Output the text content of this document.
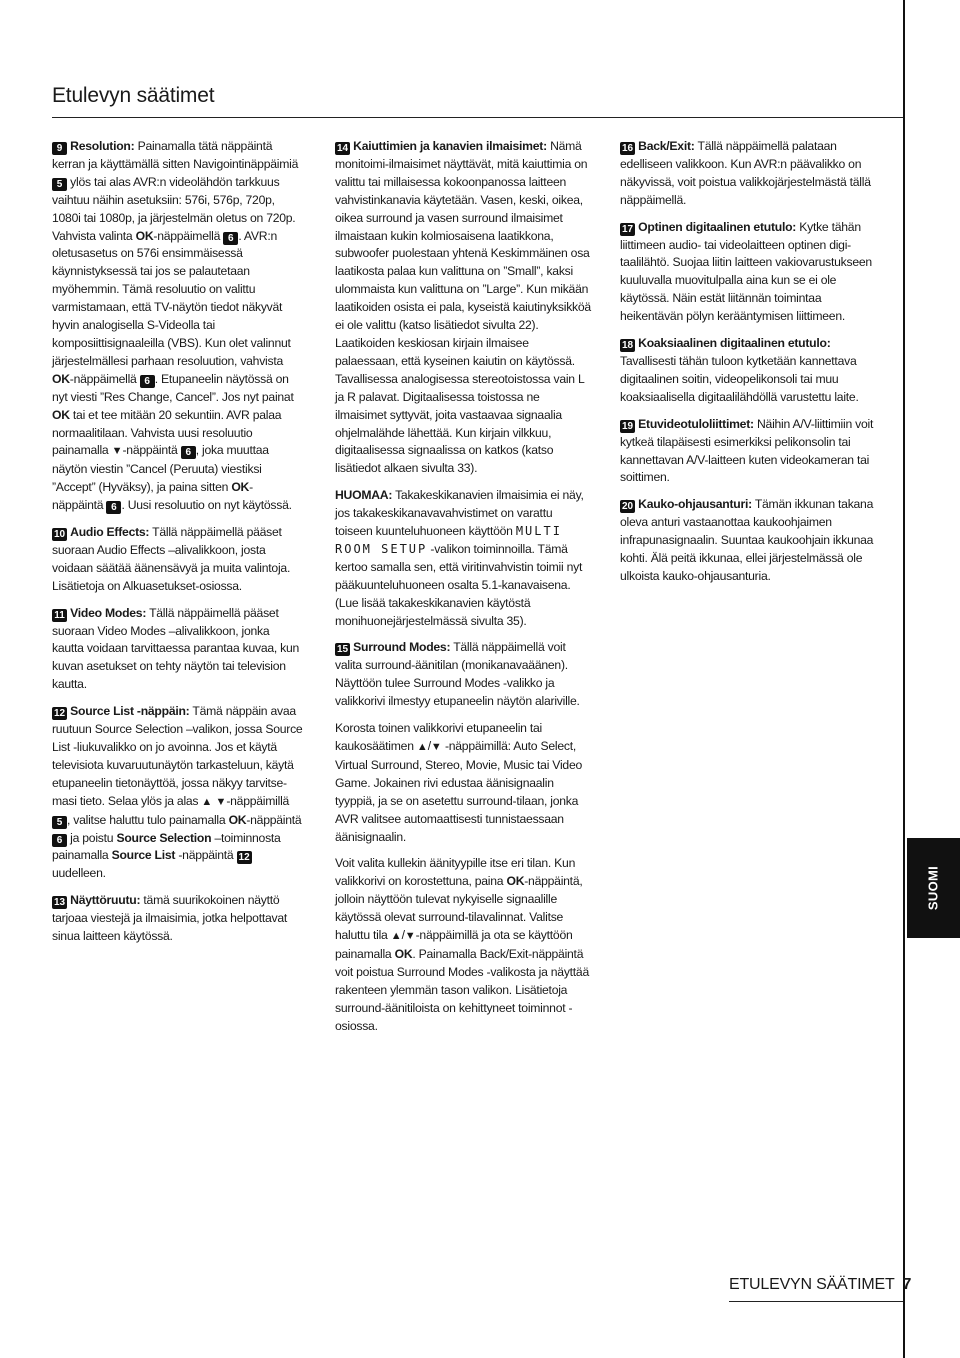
Etulevyn säätimet

9 Resolution: Painamalla tätä näppäintä kerran ja käyttämällä sitten Navigointinäppäimiä 5 ylös tai alas AVR:n videolähdön tarkkuus vaihtuu näihin asetuksiin: 576i, 576p, 720p, 1080i tai 1080p, ja järjestelmän oletus on 720p. Vahvista valinta OK-näppäimellä 6 . AVR:n oletusasetus on 576i ensimmäisessä käynnistyksessä tai jos se palautetaan myöhemmin. Tämä resoluutio on valittu varmistamaan, että TV-näytön tiedot näkyvät hyvin analogisella S-Videolla tai komposiittisignaaleilla (VBS). Kun olet valinnut järjestelmällesi parhaan resoluution, vahvista OK-näppäimellä 6 . Etupaneelin näytössä on nyt viesti ”Res Change, Cancel”. Jos nyt painat OK tai et tee mitään 20 sekuntiin. AVR palaa normaalitilaan. Vahvista uusi resoluutio painamalla ▼-näppäintä 6 , joka muuttaa näytön viestin ”Cancel (Peruuta) viestiksi ”Accept” (Hyväksy), ja paina sitten OK-näppäintä 6 . Uusi resoluutio on nyt käytössä.

10 Audio Effects: Tällä näppäimellä pääset suoraan Audio Effects –alivalikkoon, josta voidaan säätää äänensävyä ja muita valintoja. Lisätietoja on Alkuasetukset-osiossa.

11 Video Modes: Tällä näppäimellä pääset suoraan Video Modes –alivalikkoon, jonka kautta voidaan tarvittaessa parantaa kuvaa, kun kuvan asetukset on tehty näytön tai television kautta.

12 Source List -näppäin: Tämä näppäin avaa ruutuun Source Selection –valikon, jossa Source List -liukuvalikko on jo avoinna. Jos et käytä televisiota kuvaruutunäytön tarkasteluun, käytä etupaneelin tietonäyttöä, jossa näkyy tarvitsemasi tieto. Selaa ylös ja alas ▲ ▼-näppäimillä 5 , valitse haluttu tulo painamalla OK-näppäintä 6 ja poistu Source Selection –toiminnosta painamalla Source List -näppäintä 12 uudelleen.

13 Näyttöruutu: tämä suurikokoinen näyttö tarjoaa viestejä ja ilmaisimia, jotka helpottavat sinua laitteen käytössä.

14 Kaiuttimien ja kanavien ilmaisimet: Nämä monitoimi-ilmaisimet näyttävät, mitä kaiuttimia on valittu tai millaisessa kokoonpanossa laitteen vahvistinkanavia käytetään. Vasen, keski, oikea, oikea surround ja vasen surround ilmaisimet ilmaistaan kukin kolmiosaisena laatikkona, subwoofer puolestaan yhtenä Keskimmäinen osa laatikosta palaa kun valittuna on ”Small”, kaksi ulommaista kun valittuna on ”Large”. Kun mikään laatikoiden osista ei pala, kyseistä kaiutinyksikköä ei ole valittu (katso lisätiedot sivulta 22). Laatikoiden keskiosan kirjain ilmaisee palaessaan, että kyseinen kaiutin on käytössä. Tavallisessa analogisessa stereotoistossa vain L ja R palavat. Digitaalisessa toistossa ne ilmaisimet syttyvät, joita vastaavaa signaalia ohjelmalähde lähettää. Kun kirjain vilkkuu, digitaalisessa signaalissa on katkos (katso lisätiedot alkaen sivulta 33).

HUOMAA: Takakeskikanavien ilmaisimia ei näy, jos takakeskikanavavahvistimet on varattu toiseen kuunteluhuoneen käyttöön MULTI ROOM SETUP -valikon toiminnoilla. Tämä kertoo samalla sen, että viritinvahvistin toimii nyt pääkuunteluhuoneen osalta 5.1-kanavaisena. (Lue lisää takakeskikanavien käytöstä monihuonejärjestelmässä sivulta 35).

15 Surround Modes: Tällä näppäimellä voit valita surround-äänitilan (monikanavaäänen). Näyttöön tulee Surround Modes -valikko ja valikkorivi ilmestyy etupaneelin näytön alariville.

Korosta toinen valikkorivi etupaneelin tai kaukosäätimen ▲/▼ -näppäimillä: Auto Select, Virtual Surround, Stereo, Movie, Music tai Video Game. Jokainen rivi edustaa äänisignaalin tyyppiä, ja se on asetettu surround-tilaan, jonka AVR valitsee automaattisesti tunnistaessaan äänisignaalin.

Voit valita kullekin äänityypille itse eri tilan. Kun valikkorivi on korostettuna, paina OK-näppäintä, jolloin näyttöön tulevat nykyiselle signaalille käytössä olevat surround-tilavalinnat. Valitse haluttu tila ▲/▼-näppäimillä ja ota se käyttöön painamalla OK. Painamalla Back/Exit-näppäintä voit poistua Surround Modes -valikosta ja näyttää rakenteen ylemmän tason valikon. Lisätietoja surround-äänitiloista on kehittyneet toiminnot -osiossa.

16 Back/Exit: Tällä näppäimellä palataan edelliseen valikkoon. Kun AVR:n päävalikko on näkyvissä, voit poistua valikkojärjestelmästä tällä näppäimellä.

17 Optinen digitaalinen etutulo: Kytke tähän liittimeen audio- tai videolaitteen optinen digitaalilähtö. Suojaa liitin laitteen vakiovarustukseen kuuluvalla muovitulpalla aina kun se ei ole käytössä. Näin estät liitännän toimintaa heikentävän pölyn kerääntymisen liittimeen.

18 Koaksiaalinen digitaalinen etutulo: Tavallisesti tähän tuloon kytketään kannettava digitaalinen soitin, videopelikonsoli tai muu koaksiaalisella digitaalilähdöllä varustettu laite.

19 Etuvideotuloliittimet: Näihin A/V-liittimiin voit kytkeä tilapäisesti esimerkiksi pelikonsolin tai kannettavan A/V-laitteen kuten videokameran tai soittimen.

20 Kauko-ohjausanturi: Tämän ikkunan takana oleva anturi vastaanottaa kaukoohjaimen infrapunasignaalin. Suuntaa kaukoohjain ikkunaa kohti. Älä peitä ikkunaa, ellei järjestelmässä ole ulkoista kauko-ohjausanturia.

SUOMI
ETULEVYN SÄÄTIMET 7
